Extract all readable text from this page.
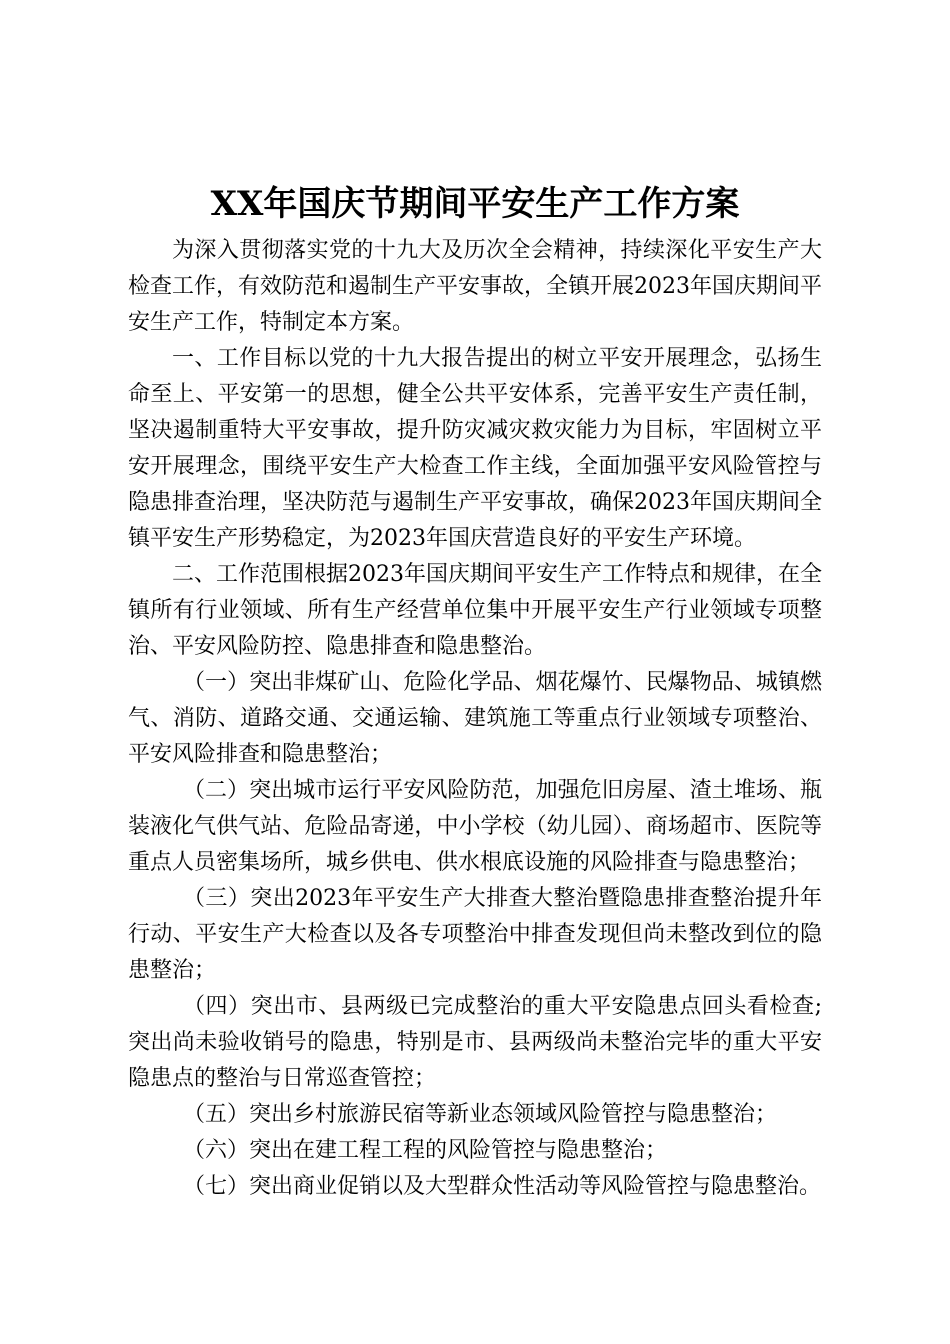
XX年国庆节期间平安生产工作方案

为深入贯彻落实党的十九大及历次全会精神，持续深化平安生产大检查工作，有效防范和遏制生产平安事故，全镇开展2023年国庆期间平安生产工作，特制定本方案。

一、工作目标以党的十九大报告提出的树立平安开展理念，弘扬生命至上、平安第一的思想，健全公共平安体系，完善平安生产责任制，坚决遏制重特大平安事故，提升防灾减灾救灾能力为目标，牢固树立平安开展理念，围绕平安生产大检查工作主线，全面加强平安风险管控与隐患排查治理，坚决防范与遏制生产平安事故，确保2023年国庆期间全镇平安生产形势稳定，为2023年国庆营造良好的平安生产环境。

二、工作范围根据2023年国庆期间平安生产工作特点和规律，在全镇所有行业领域、所有生产经营单位集中开展平安生产行业领域专项整治、平安风险防控、隐患排查和隐患整治。

（一）突出非煤矿山、危险化学品、烟花爆竹、民爆物品、城镇燃气、消防、道路交通、交通运输、建筑施工等重点行业领域专项整治、平安风险排查和隐患整治；

（二）突出城市运行平安风险防范，加强危旧房屋、渣土堆场、瓶装液化气供气站、危险品寄递，中小学校（幼儿园）、商场超市、医院等重点人员密集场所，城乡供电、供水根底设施的风险排查与隐患整治；

（三）突出2023年平安生产大排查大整治暨隐患排查整治提升年行动、平安生产大检查以及各专项整治中排查发现但尚未整改到位的隐患整治；

（四）突出市、县两级已完成整治的重大平安隐患点回头看检查;突出尚未验收销号的隐患，特别是市、县两级尚未整治完毕的重大平安隐患点的整治与日常巡查管控；

（五）突出乡村旅游民宿等新业态领域风险管控与隐患整治；

（六）突出在建工程工程的风险管控与隐患整治；

（七）突出商业促销以及大型群众性活动等风险管控与隐患整治。
